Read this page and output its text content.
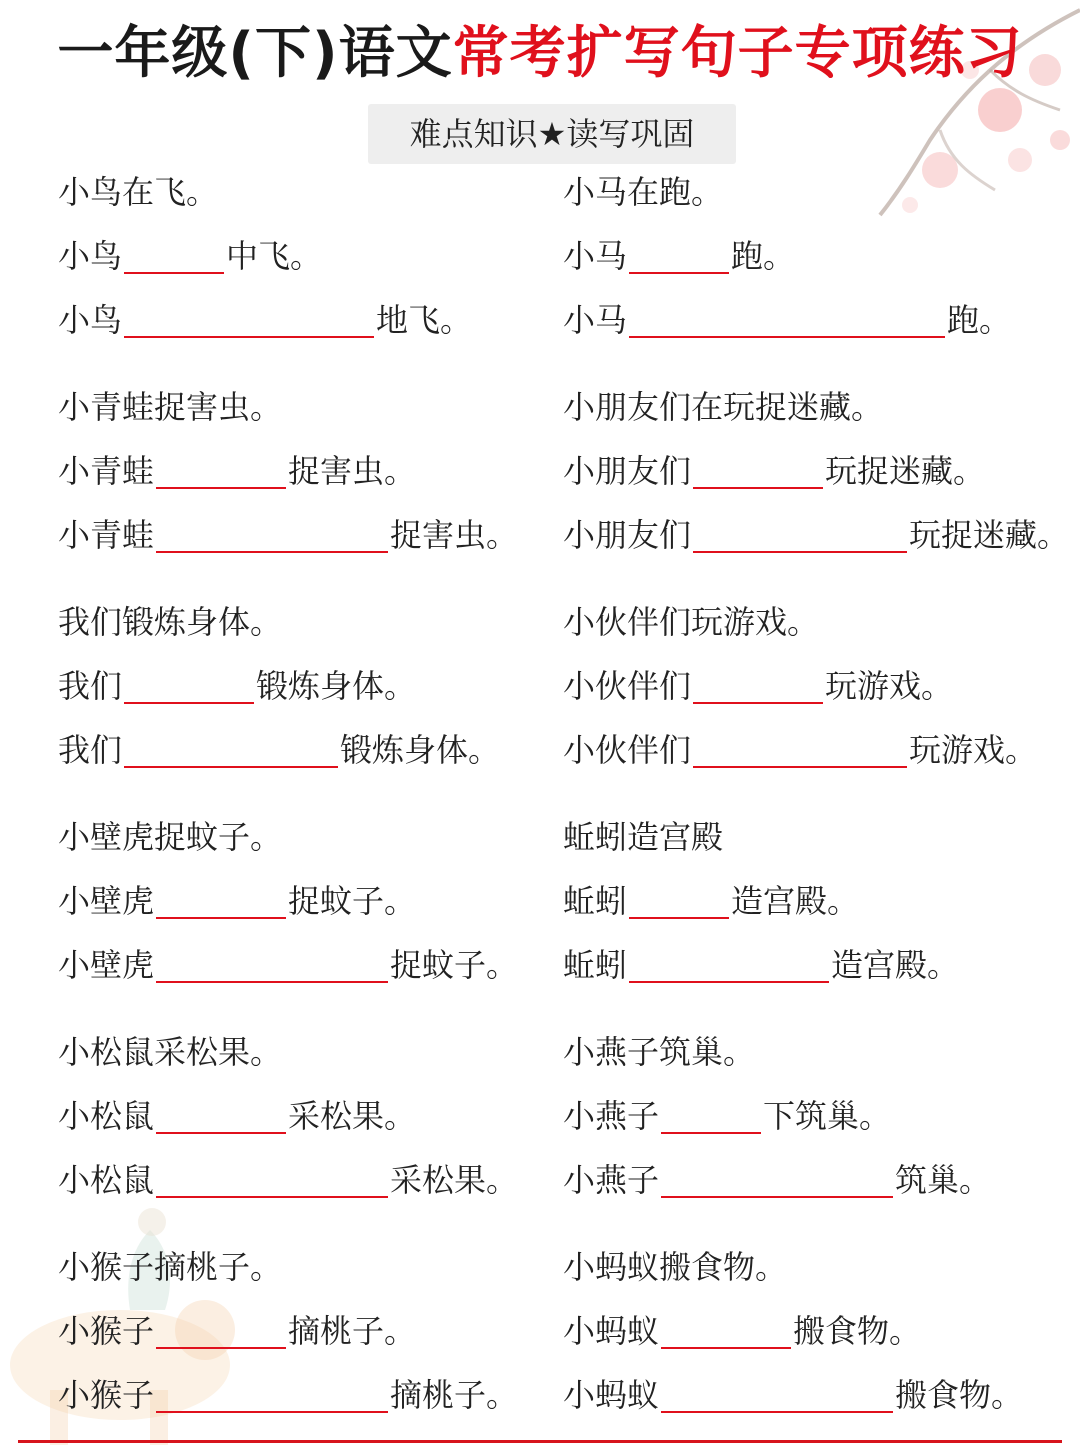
一年级(下)语文常考扩写句子专项练习
难点知识★读写巩固
小鸟在飞。
小鸟	中飞。
小鸟	地飞。
小青蛙捉害虫。
小青蛙	捉害虫。
小青蛙	捉害虫。
我们锻炼身体。
我们	锻炼身体。
我们	锻炼身体。
小壁虎捉蚊子。
小壁虎	捉蚊子。
小壁虎	捉蚊子。
小松鼠采松果。
小松鼠	采松果。
小松鼠	采松果。
小猴子摘桃子。
小猴子	摘桃子。
小猴子	摘桃子。
小马在跑。
小马	跑。
小马	跑。
小朋友们在玩捉迷藏。
小朋友们	玩捉迷藏。
小朋友们	玩捉迷藏。
小伙伴们玩游戏。
小伙伴们	玩游戏。
小伙伴们	玩游戏。
蚯蚓造宫殿
蚯蚓	造宫殿。
蚯蚓	造宫殿。
小燕子筑巢。
小燕子	下筑巢。
小燕子	筑巢。
小蚂蚁搬食物。
小蚂蚁	搬食物。
小蚂蚁	搬食物。
